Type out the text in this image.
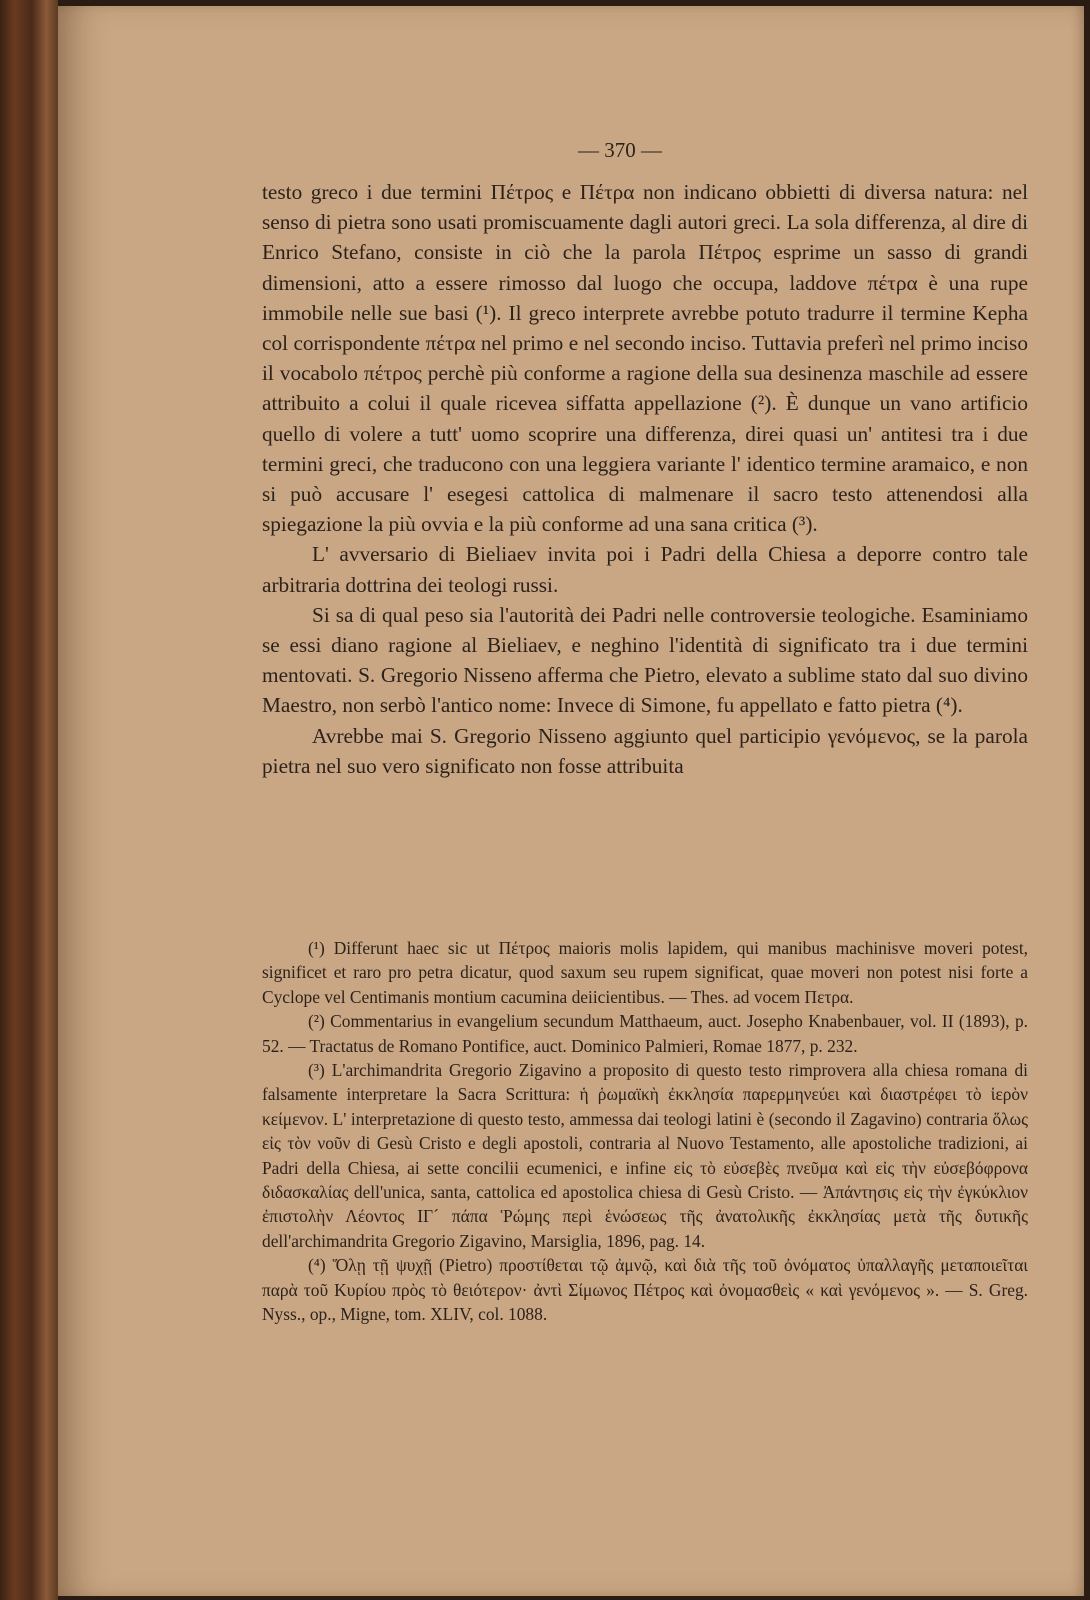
— 370 —

testo greco i due termini Πέτρος e Πέτρα non indicano obbietti di diversa natura: nel senso di pietra sono usati promiscuamente dagli autori greci. La sola differenza, al dire di Enrico Stefano, consiste in ciò che la parola Πέτρος esprime un sasso di grandi dimensioni, atto a essere rimosso dal luogo che occupa, laddove πέτρα è una rupe immobile nelle sue basi (¹). Il greco interprete avrebbe potuto tradurre il termine Kepha col corrispondente πέτρα nel primo e nel secondo inciso. Tuttavia preferì nel primo inciso il vocabolo πέτρος perchè più conforme a ragione della sua desinenza maschile ad essere attribuito a colui il quale ricevea siffatta appellazione (²). È dunque un vano artificio quello di volere a tutt' uomo scoprire una differenza, direi quasi un' antitesi tra i due termini greci, che traducono con una leggiera variante l' identico termine aramaico, e non si può accusare l' esegesi cattolica di malmenare il sacro testo attenendosi alla spiegazione la più ovvia e la più conforme ad una sana critica (³).

L' avversario di Bieliaev invita poi i Padri della Chiesa a deporre contro tale arbitraria dottrina dei teologi russi.

Si sa di qual peso sia l'autorità dei Padri nelle controversie teologiche. Esaminiamo se essi diano ragione al Bieliaev, e neghino l'identità di significato tra i due termini mentovati. S. Gregorio Nisseno afferma che Pietro, elevato a sublime stato dal suo divino Maestro, non serbò l'antico nome: Invece di Simone, fu appellato e fatto pietra (⁴).

Avrebbe mai S. Gregorio Nisseno aggiunto quel participio γενόμενος, se la parola pietra nel suo vero significato non fosse attribuita

(¹) Differunt haec sic ut Πέτρος maioris molis lapidem, qui manibus machinisve moveri potest, significet et raro pro petra dicatur, quod saxum seu rupem significat, quae moveri non potest nisi forte a Cyclope vel Centimanis montium cacumina deiicientibus. — Thes. ad vocem Πετρα.

(²) Commentarius in evangelium secundum Matthaeum, auct. Josepho Knabenbauer, vol. II (1893), p. 52. — Tractatus de Romano Pontifice, auct. Dominico Palmieri, Romae 1877, p. 232.

(³) L'archimandrita Gregorio Zigavino a proposito di questo testo rimprovera alla chiesa romana di falsamente interpretare la Sacra Scrittura: ἡ ῥωμαϊκὴ ἐκκλησία παρερμηνεύει καὶ διαστρέφει τὸ ἱερὸν κείμενον. L' interpretazione di questo testo, ammessa dai teologi latini è (secondo il Zagavino) contraria ὅλως εἰς τὸν νοῦν di Gesù Cristo e degli apostoli, contraria al Nuovo Testamento, alle apostoliche tradizioni, ai Padri della Chiesa, ai sette concilii ecumenici, e infine εἰς τὸ εὐσεβὲς πνεῦμα καὶ εἰς τὴν εὐσεβόφρονα διδασκαλίας dell'unica, santa, cattolica ed apostolica chiesa di Gesù Cristo. — Ἀπάντησις εἰς τὴν ἐγκύκλιον ἐπιστολὴν Λέοντος ΙΓ´ πάπα Ῥώμης περὶ ἑνώσεως τῆς ἀνατολικῆς ἐκκλησίας μετὰ τῆς δυτικῆς dell'archimandrita Gregorio Zigavino, Marsiglia, 1896, pag. 14.

(⁴) Ὅλῃ τῇ ψυχῇ (Pietro) προστίθεται τῷ ἀμνῷ, καὶ διὰ τῆς τοῦ ὀνόματος ὑπαλλαγῆς μεταποιεῖται παρὰ τοῦ Κυρίου πρὸς τὸ θειότερον· ἀντὶ Σίμωνος Πέτρος καὶ ὀνομασθεὶς « καὶ γενόμενος ». — S. Greg. Nyss., op., Migne, tom. XLIV, col. 1088.
